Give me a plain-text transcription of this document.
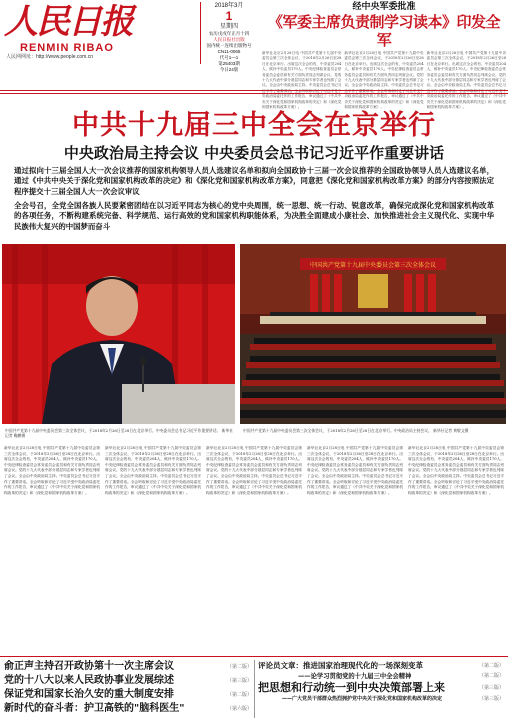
人民日报
RENMIN RIBAO
人民网网址：http://www.people.com.cn
2018年3月
1
星期四
农历戊戌年正月十四
人民日报社出版
国内统一连续出版物号
CN11-0065
代号1—1
第25403期
今日24版
经中央军委批准
《军委主席负责制学习读本》印发全军
新华社北京2月28日电 中国共产党第十九届中央委员会第三次全体会议，于2018年2月26日至28日在北京举行。出席这次全会的有，中央委员204人，候补中央委员170人。中央纪律检查委员会常务委员会委员和有关方面负责同志列席会议。党的十九大代表中部分基层同志和专家学者也列席了会议。全会由中央政治局主持。中央委员会总书记习近平作了重要讲话。全会听取和讨论了习近平受中央政治局委托作的工作报告，审议通过了《中共中央关于深化党和国家机构改革的决定》和《深化党和国家机构改革方案》。
新华社北京2月28日电 中国共产党第十九届中央委员会第三次全体会议，于2018年2月26日至28日在北京举行。出席这次全会的有，中央委员204人，候补中央委员170人。中央纪律检查委员会常务委员会委员和有关方面负责同志列席会议。党的十九大代表中部分基层同志和专家学者也列席了会议。全会由中央政治局主持。中央委员会总书记习近平作了重要讲话。全会听取和讨论了习近平受中央政治局委托作的工作报告，审议通过了《中共中央关于深化党和国家机构改革的决定》和《深化党和国家机构改革方案》。
新华社北京2月28日电 中国共产党第十九届中央委员会第三次全体会议，于2018年2月26日至28日在北京举行。出席这次全会的有，中央委员204人，候补中央委员170人。中央纪律检查委员会常务委员会委员和有关方面负责同志列席会议。党的十九大代表中部分基层同志和专家学者也列席了会议。全会由中央政治局主持。中央委员会总书记习近平作了重要讲话。全会听取和讨论了习近平受中央政治局委托作的工作报告，审议通过了《中共中央关于深化党和国家机构改革的决定》和《深化党和国家机构改革方案》。
中共十九届三中全会在京举行
中央政治局主持会议 中央委员会总书记习近平作重要讲话
通过拟向十三届全国人大一次会议推荐的国家机构领导人员人选建议名单和拟向全国政协十三届一次会议推荐的全国政协领导人员人选建议名单，通过《中共中央关于深化党和国家机构改革的决定》和《深化党和国家机构改革方案》，同意把《深化党和国家机构改革方案》的部分内容按照法定程序提交十三届全国人大一次会议审议
全会号召，全党全国各族人民要紧密团结在以习近平同志为核心的党中央周围，统一思想、统一行动、锐意改革，确保完成深化党和国家机构改革的各项任务，不断构建系统完备、科学规范、运行高效的党和国家机构职能体系，为决胜全面建成小康社会、加快推进社会主义现代化、实现中华民族伟大复兴的中国梦而奋斗
中国共产党第十九届中央委员会第三次全体会议，于2018年2月26日至28日在北京举行。中央委员会总书记习近平作重要讲话。 新华社记者 鞠鹏摄
中国共产党第十九届中央委员会第三次全体会议
中国共产党第十九届中央委员会第三次全体会议，于2018年2月26日至28日在北京举行。中央政治局主持会议。 新华社记者 黄敬文摄
新华社北京2月28日电 中国共产党第十九届中央委员会第三次全体会议，于2018年2月26日至28日在北京举行。出席这次全会的有，中央委员204人，候补中央委员170人。中央纪律检查委员会常务委员会委员和有关方面负责同志列席会议。党的十九大代表中部分基层同志和专家学者也列席了会议。全会由中央政治局主持。中央委员会总书记习近平作了重要讲话。全会听取和讨论了习近平受中央政治局委托作的工作报告，审议通过了《中共中央关于深化党和国家机构改革的决定》和《深化党和国家机构改革方案》。
新华社北京2月28日电 中国共产党第十九届中央委员会第三次全体会议，于2018年2月26日至28日在北京举行。出席这次全会的有，中央委员204人，候补中央委员170人。中央纪律检查委员会常务委员会委员和有关方面负责同志列席会议。党的十九大代表中部分基层同志和专家学者也列席了会议。全会由中央政治局主持。中央委员会总书记习近平作了重要讲话。全会听取和讨论了习近平受中央政治局委托作的工作报告，审议通过了《中共中央关于深化党和国家机构改革的决定》和《深化党和国家机构改革方案》。
新华社北京2月28日电 中国共产党第十九届中央委员会第三次全体会议，于2018年2月26日至28日在北京举行。出席这次全会的有，中央委员204人，候补中央委员170人。中央纪律检查委员会常务委员会委员和有关方面负责同志列席会议。党的十九大代表中部分基层同志和专家学者也列席了会议。全会由中央政治局主持。中央委员会总书记习近平作了重要讲话。全会听取和讨论了习近平受中央政治局委托作的工作报告，审议通过了《中共中央关于深化党和国家机构改革的决定》和《深化党和国家机构改革方案》。
新华社北京2月28日电 中国共产党第十九届中央委员会第三次全体会议，于2018年2月26日至28日在北京举行。出席这次全会的有，中央委员204人，候补中央委员170人。中央纪律检查委员会常务委员会委员和有关方面负责同志列席会议。党的十九大代表中部分基层同志和专家学者也列席了会议。全会由中央政治局主持。中央委员会总书记习近平作了重要讲话。全会听取和讨论了习近平受中央政治局委托作的工作报告，审议通过了《中共中央关于深化党和国家机构改革的决定》和《深化党和国家机构改革方案》。
新华社北京2月28日电 中国共产党第十九届中央委员会第三次全体会议，于2018年2月26日至28日在北京举行。出席这次全会的有，中央委员204人，候补中央委员170人。中央纪律检查委员会常务委员会委员和有关方面负责同志列席会议。党的十九大代表中部分基层同志和专家学者也列席了会议。全会由中央政治局主持。中央委员会总书记习近平作了重要讲话。全会听取和讨论了习近平受中央政治局委托作的工作报告，审议通过了《中共中央关于深化党和国家机构改革的决定》和《深化党和国家机构改革方案》。
俞正声主持召开政协第十一次主席会议	（第二版）
党的十八大以来人民政协事业发展综述	（第三版）
保证党和国家长治久安的重大制度安排	（第二版）
新时代的奋斗者：护卫高铁的"脑科医生"	（第六版）
评论员文章：推进国家治理现代化的一场深刻变革	（第二版）
——论学习贯彻党的十九届三中全会精神	（第二版）
把思想和行动统一到中央决策部署上来	（第三版）
——广大党员干部群众热烈拥护党中央关于深化党和国家机构改革的决定	（第三版）
